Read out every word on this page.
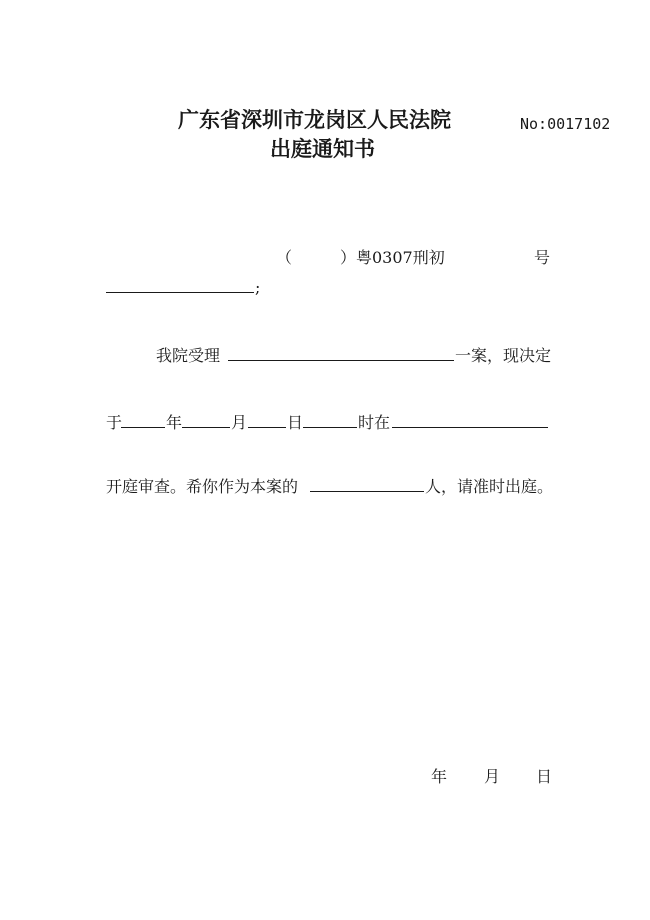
广东省深圳市龙岗区人民法院
出庭通知书
No:0017102
（	）粤0307刑初	号
;
我院受理	一案，现决定
于	年	月 日	时在
开庭审查。希你作为本案的	人，请准时出庭。
年 月 日
